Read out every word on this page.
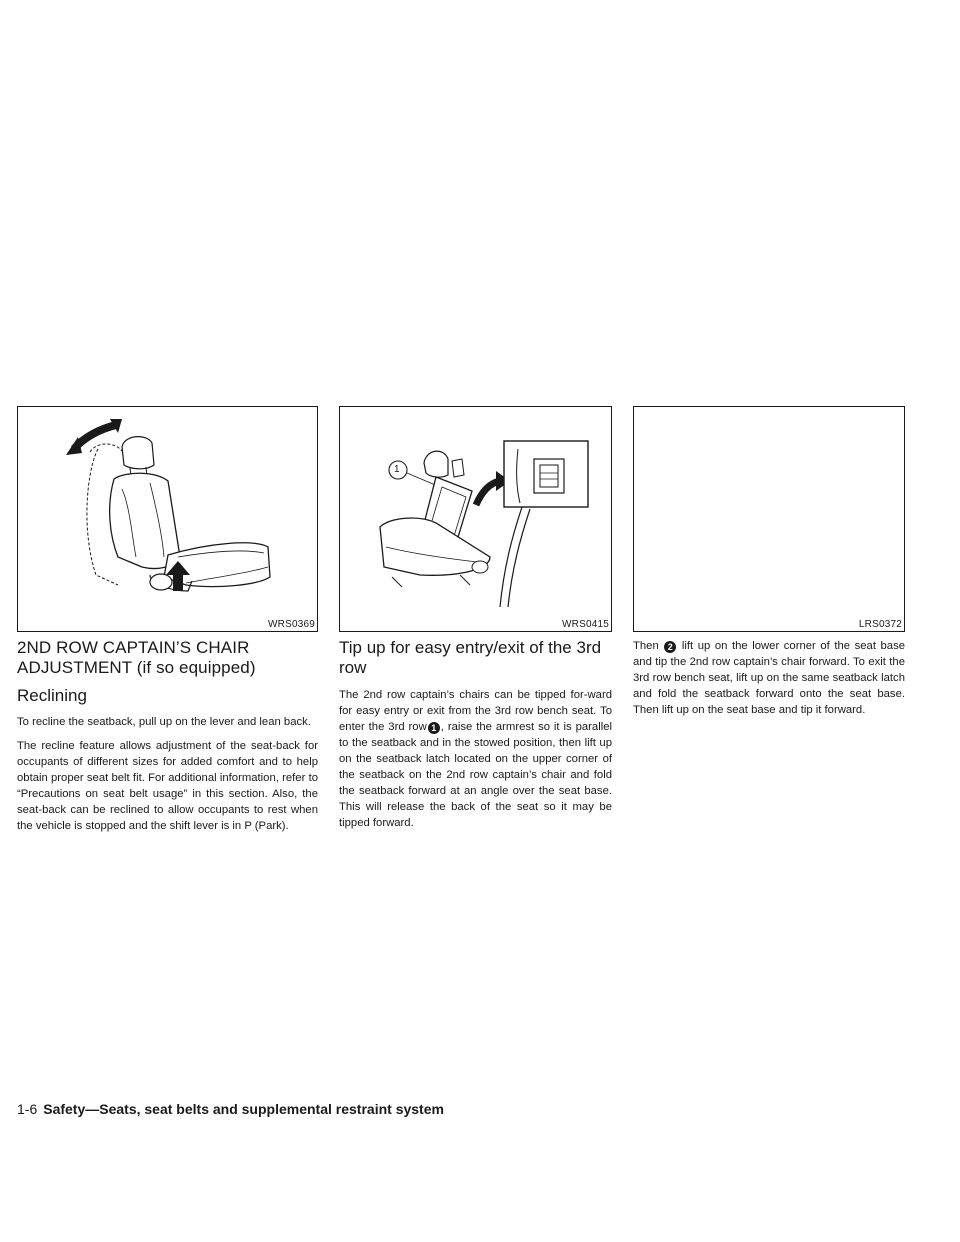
WRS0369
1
WRS0415	LRS0372
2ND ROW CAPTAIN’S CHAIR
ADJUSTMENT (if so equipped)
Reclining

To recline the seatback, pull up on the lever and lean back.

The recline feature allows adjustment of the seat-back for occupants of different sizes for added comfort and to help obtain proper seat belt fit. For additional information, refer to “Precautions on seat belt usage” in this section. Also, the seat-back can be reclined to allow occupants to rest when the vehicle is stopped and the shift lever is in P (Park).

Tip up for easy entry/exit of the 3rd row

The 2nd row captain’s chairs can be tipped for-ward for easy entry or exit from the 3rd row bench seat. To enter the 3rd row 1 , raise the armrest so it is parallel to the seatback and in the stowed position, then lift up on the seatback latch located on the upper corner of the seatback on the 2nd row captain’s chair and fold the seatback forward at an angle over the seat base. This will release the back of the seat so it may be tipped forward.

Then 2 lift up on the lower corner of the seat base and tip the 2nd row captain’s chair forward. To exit the 3rd row bench seat, lift up on the same seatback latch and fold the seatback forward onto the seat base. Then lift up on the seat base and tip it forward.

1-6 Safety—Seats, seat belts and supplemental restraint system
